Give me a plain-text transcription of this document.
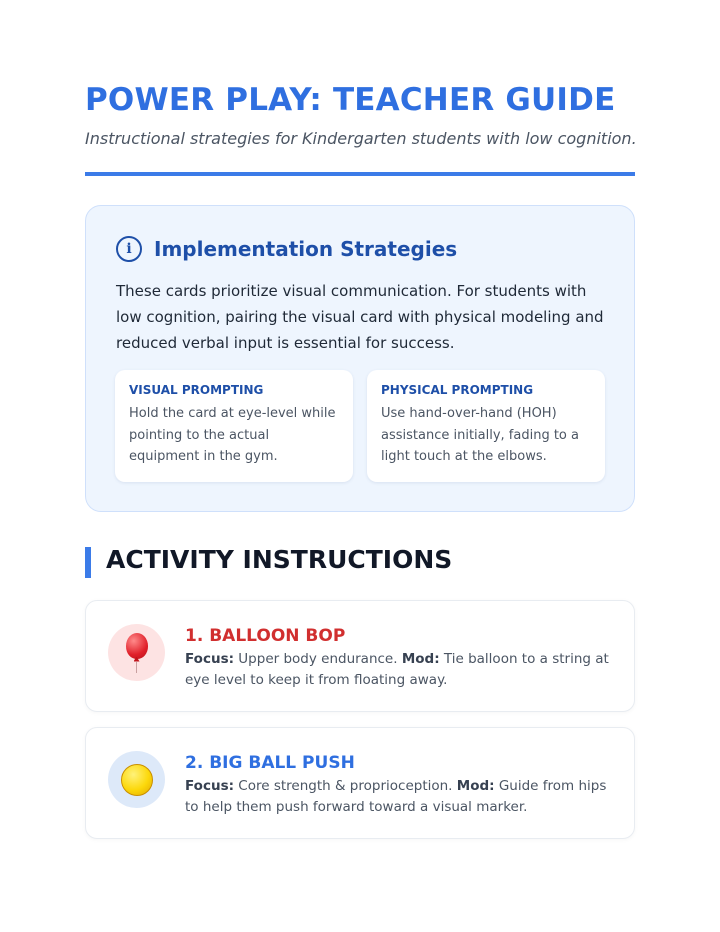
POWER PLAY: TEACHER GUIDE

Instructional strategies for Kindergarten students with low cognition.

i	Implementation Strategies

These cards prioritize visual communication. For students with low cognition, pairing the visual card with physical modeling and reduced verbal input is essential for success.

VISUAL PROMPTING

Hold the card at eye-level while pointing to the actual equipment in the gym.

PHYSICAL PROMPTING

Use hand-over-hand (HOH) assistance initially, fading to a light touch at the elbows.

ACTIVITY INSTRUCTIONS
1. BALLOON BOP

Focus: Upper body endurance. Mod: Tie balloon to a string at eye level to keep it from floating away.

2. BIG BALL PUSH

Focus: Core strength & proprioception. Mod: Guide from hips to help them push forward toward a visual marker.
